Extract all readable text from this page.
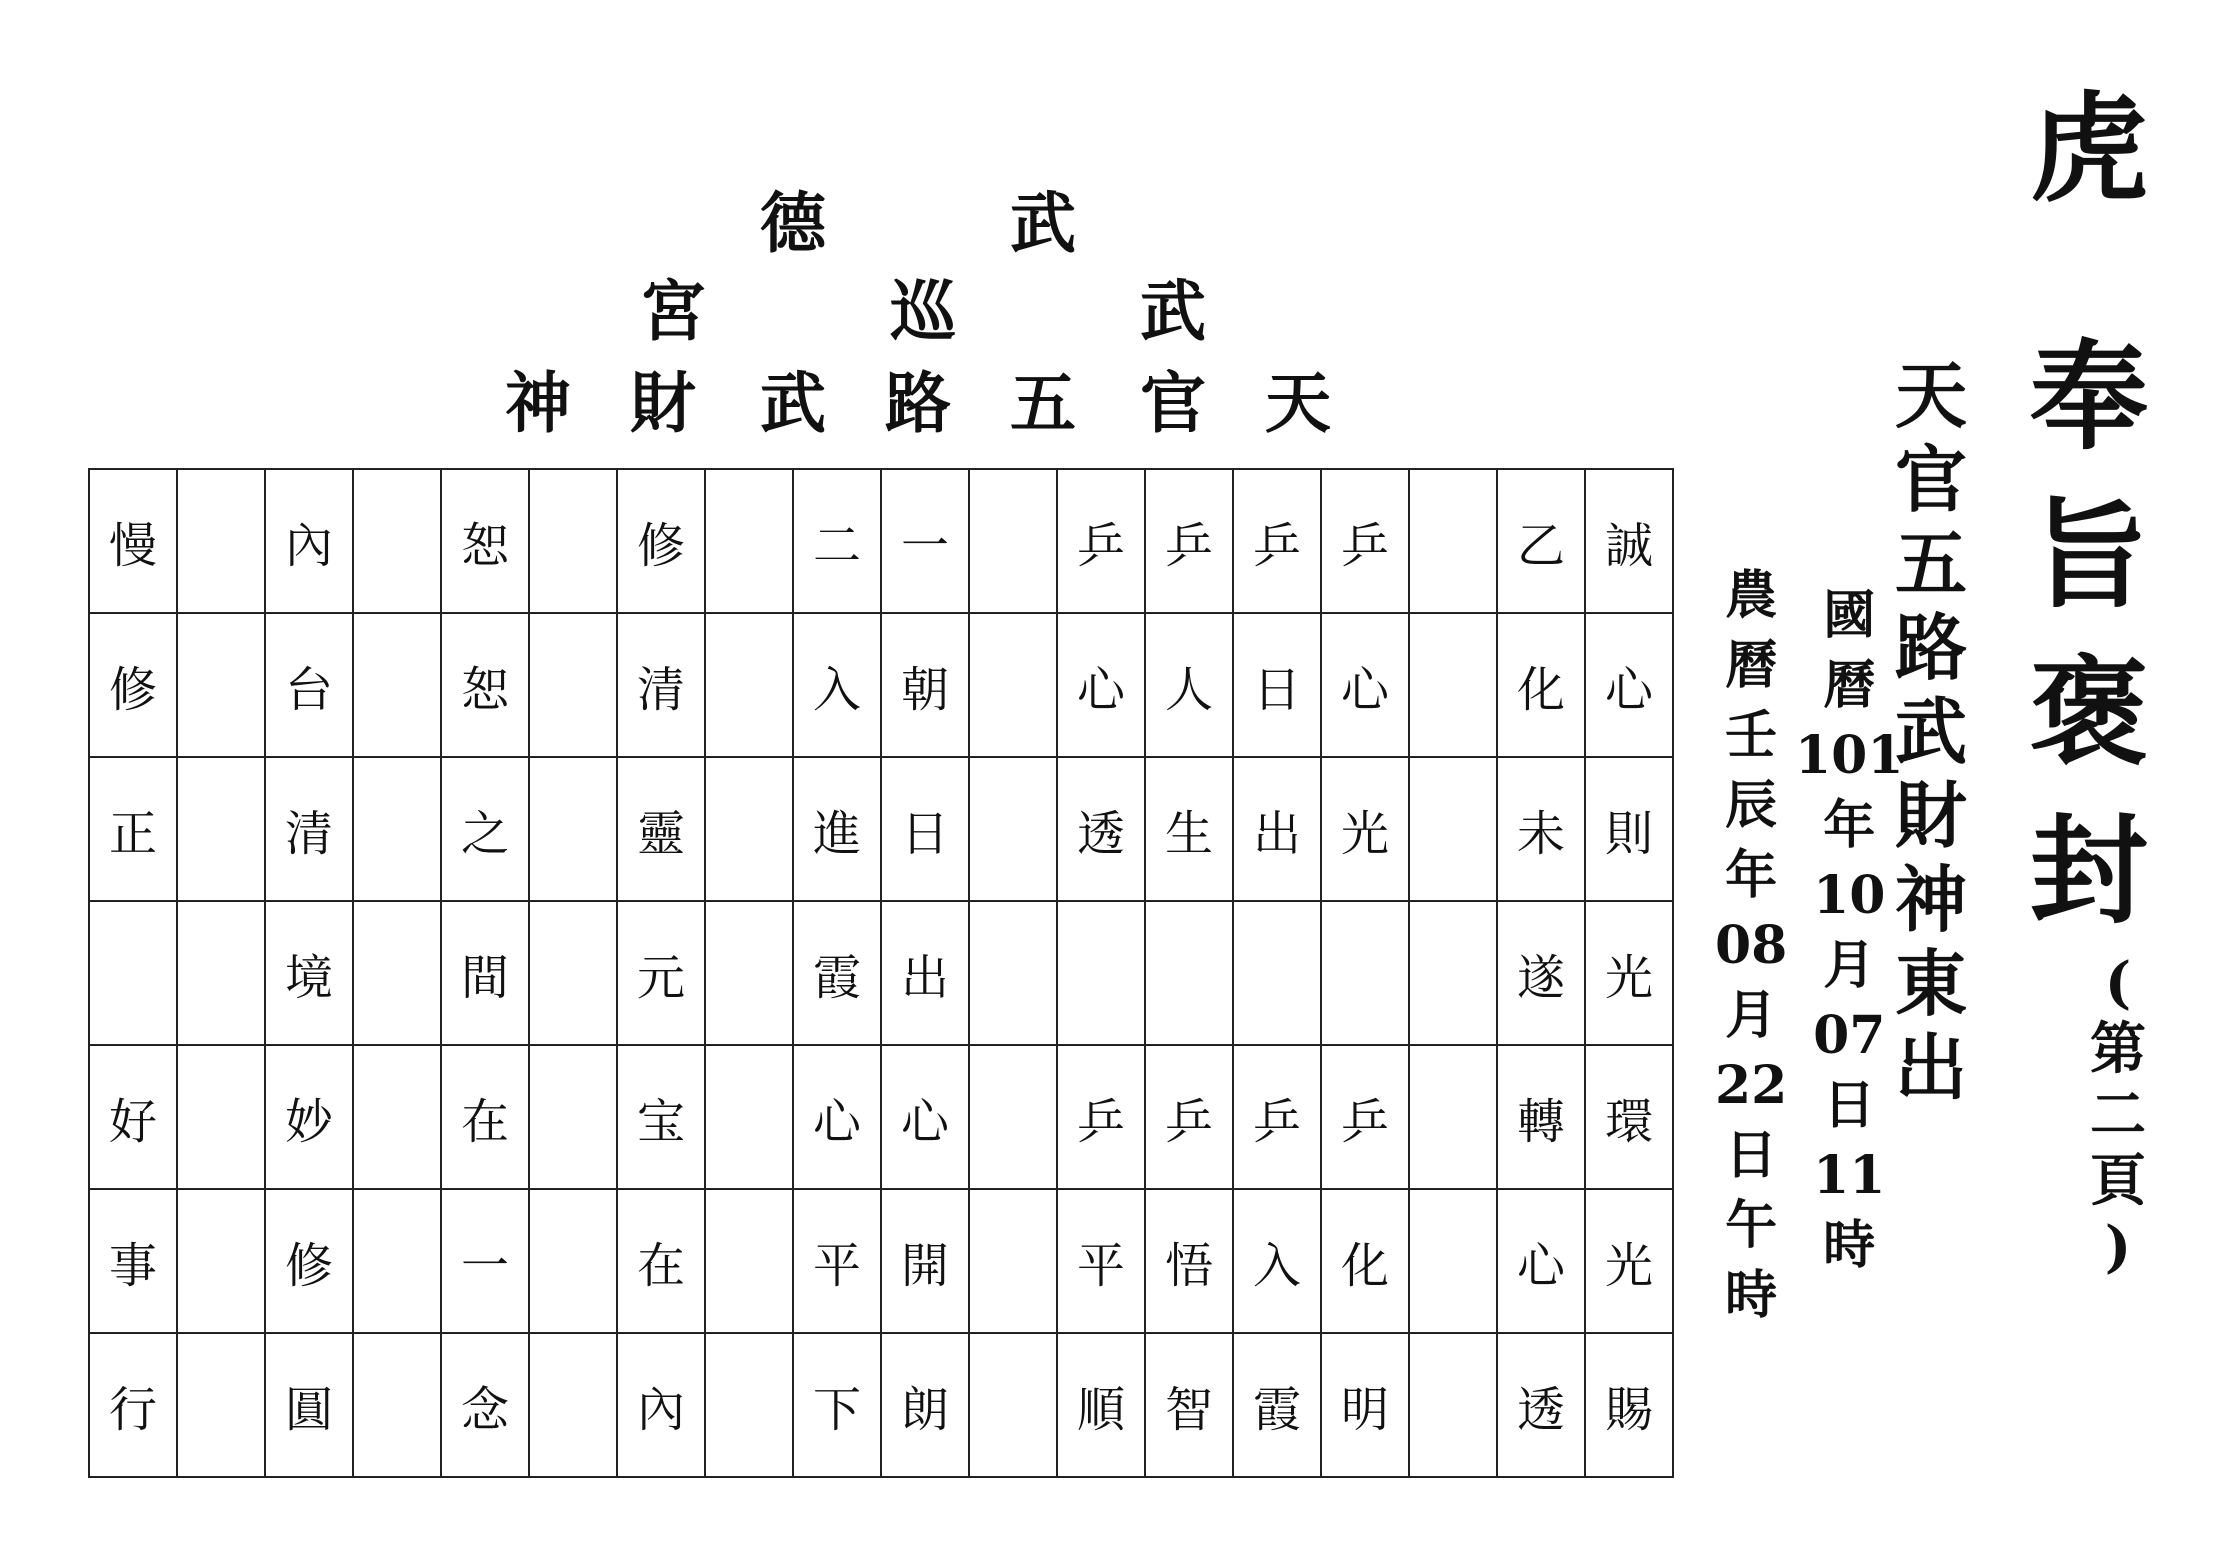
德	武
宮	巡	武
神 財 武 路 五 官 天
慢		內		恕		修		二	一		乒	乒	乒	乒		乙	誠
修		台		恕		清		入	朝		心	人	日	心		化	心
正		清		之		靈		進	日		透	生	出	光		未	則
		境		間		元		霞	出							遂	光
好		妙		在		宝		心	心		乒	乒	乒	乒		轉	環
事		修		一		在		平	開		平	悟	入	化		心	光
行		圓		念		內		下	朗		順	智	霞	明		透	賜
虎
奉
旨
褒
封
(
第
二
頁
)
天
官
五
路
武
財
神
東
出
國
曆
101
年
10
月
07
日
11
時
農
曆
壬
辰
年
08
月
22
日
午
時
